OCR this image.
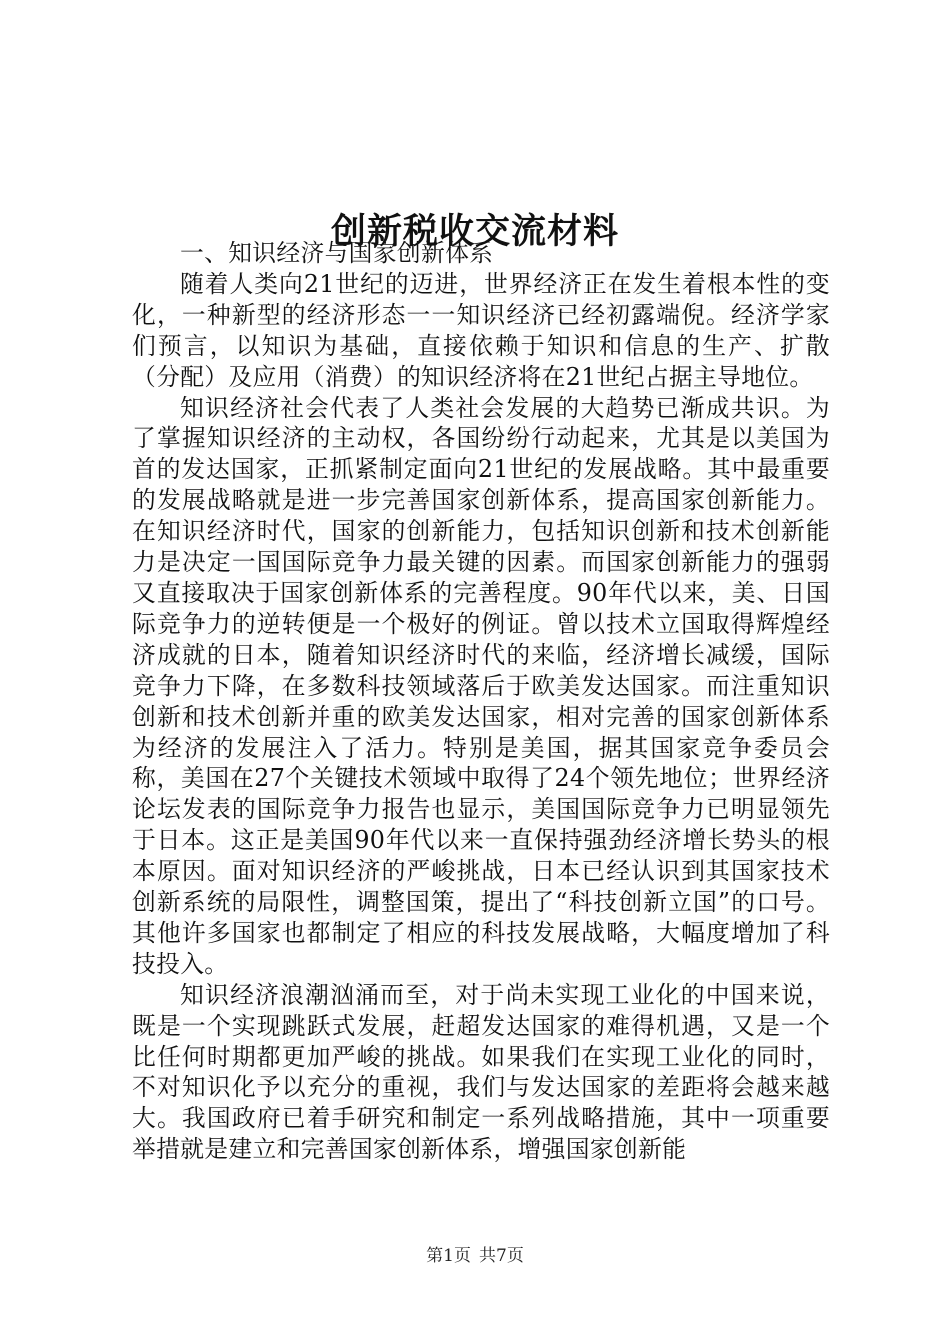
创新税收交流材料

一、知识经济与国家创新体系

随着人类向21世纪的迈进，世界经济正在发生着根本性的变化，一种新型的经济形态一一知识经济已经初露端倪。经济学家们预言，以知识为基础，直接依赖于知识和信息的生产、扩散（分配）及应用（消费）的知识经济将在21世纪占据主导地位。

知识经济社会代表了人类社会发展的大趋势已渐成共识。为了掌握知识经济的主动权，各国纷纷行动起来，尤其是以美国为首的发达国家，正抓紧制定面向21世纪的发展战略。其中最重要的发展战略就是进一步完善国家创新体系，提高国家创新能力。在知识经济时代，国家的创新能力，包括知识创新和技术创新能力是决定一国国际竞争力最关键的因素。而国家创新能力的强弱又直接取决于国家创新体系的完善程度。90年代以来，美、日国际竞争力的逆转便是一个极好的例证。曾以技术立国取得辉煌经济成就的日本，随着知识经济时代的来临，经济增长减缓，国际竞争力下降，在多数科技领域落后于欧美发达国家。而注重知识创新和技术创新并重的欧美发达国家，相对完善的国家创新体系为经济的发展注入了活力。特别是美国，据其国家竞争委员会称，美国在27个关键技术领域中取得了24个领先地位；世界经济论坛发表的国际竞争力报告也显示，美国国际竞争力已明显领先于日本。这正是美国90年代以来一直保持强劲经济增长势头的根本原因。面对知识经济的严峻挑战，日本已经认识到其国家技术创新系统的局限性，调整国策，提出了“科技创新立国”的口号。其他许多国家也都制定了相应的科技发展战略，大幅度增加了科技投入。

知识经济浪潮汹涌而至，对于尚未实现工业化的中国来说，既是一个实现跳跃式发展，赶超发达国家的难得机遇，又是一个比任何时期都更加严峻的挑战。如果我们在实现工业化的同时，不对知识化予以充分的重视，我们与发达国家的差距将会越来越大。我国政府已着手研究和制定一系列战略措施，其中一项重要举措就是建立和完善国家创新体系，增强国家创新能

第1页 共7页
